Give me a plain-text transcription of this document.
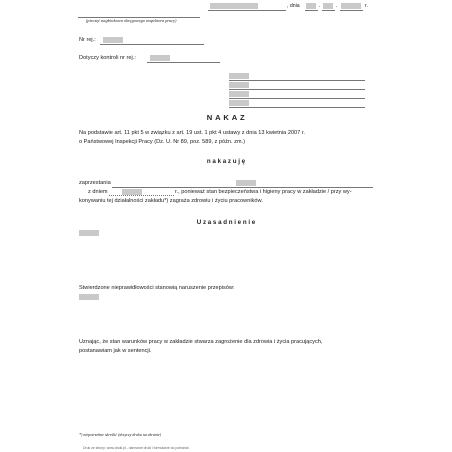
, dnia	.	.	r.
(pieczęć nagłówkowa okręgowego inspektora pracy)
Nr rej.:
Dotyczy kontroli nr rej.:
N A K A Z
Na podstawie art. 11 pkt 5 w związku z art. 19 ust. 1 pkt 4 ustawy z dnia 13 kwietnia 2007 r.
o Państwowej Inspekcji Pracy (Dz. U. Nr 89, poz. 589, z późn. zm.)
n a k a z u j ę
zaprzestania
z dniem	r., ponieważ stan bezpieczeństwa i higieny pracy w zakładzie / przy wy-
konywaniu tej działalności zakładu*) zagraża zdrowiu i życiu pracowników.
U z a s a d n i e n i e
Stwierdzone nieprawidłowości stanowią naruszenie przepisów:
Uznając, że stan warunków pracy w zakładzie stwarza zagrożenie dla zdrowia i życia pracujących,
postanawiam jak w sentencji.
*) niepotrzebne skreślić (dotyczy druku na ekranie)
Druk ze strony: www.druki.pl - darmowe druki i formularze do pobrania
